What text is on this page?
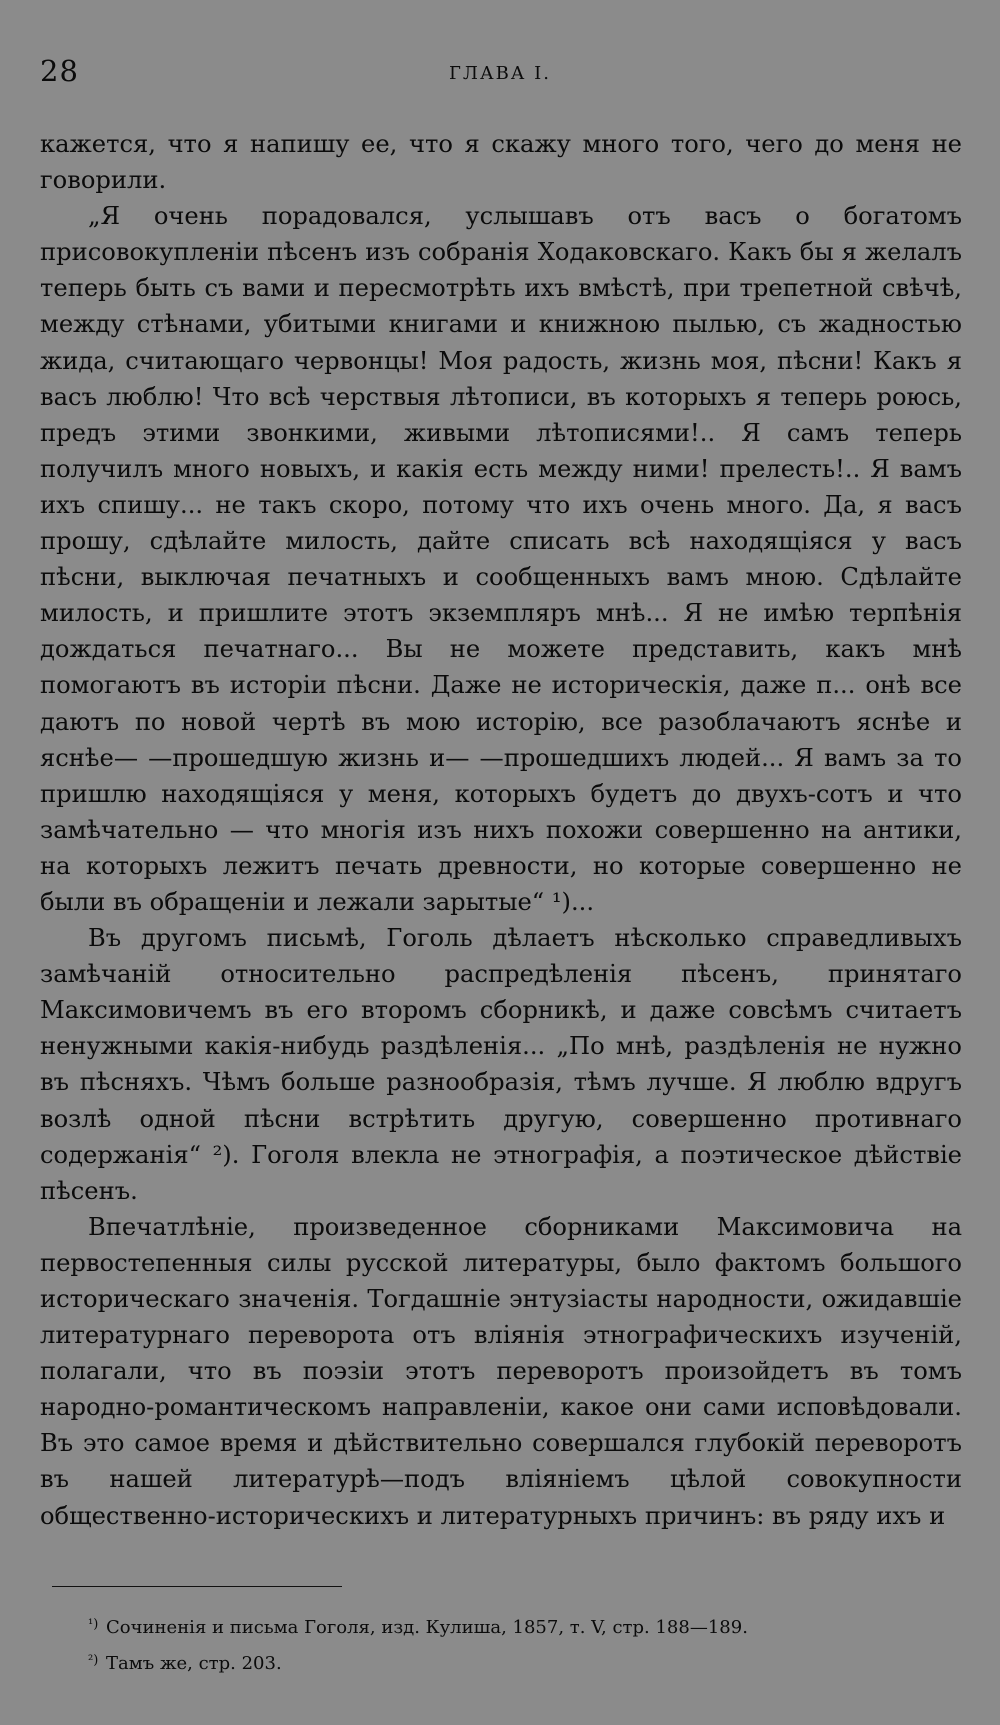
28	ГЛАВА I.

кажется, что я напишу ее, что я скажу много того, чего до меня не говорили.

„Я очень порадовался, услышавъ отъ васъ о богатомъ присовокупленіи пѣсенъ изъ собранія Ходаковскаго. Какъ бы я желалъ теперь быть съ вами и пересмотрѣть ихъ вмѣстѣ, при трепетной свѣчѣ, между стѣнами, убитыми книгами и книжною пылью, съ жадностью жида, считающаго червонцы! Моя радость, жизнь моя, пѣсни! Какъ я васъ люблю! Что всѣ черствыя лѣтописи, въ которыхъ я теперь роюсь, предъ этими звонкими, живыми лѣтописями!.. Я самъ теперь получилъ много новыхъ, и какія есть между ними! прелесть!.. Я вамъ ихъ спишу... не такъ скоро, потому что ихъ очень много. Да, я васъ прошу, сдѣлайте милость, дайте списать всѣ находящіяся у васъ пѣсни, выключая печатныхъ и сообщенныхъ вамъ мною. Сдѣлайте милость, и пришлите этотъ экземпляръ мнѣ... Я не имѣю терпѣнія дождаться печатнаго... Вы не можете представить, какъ мнѣ помогаютъ въ исторіи пѣсни. Даже не историческія, даже п... онѣ все даютъ по новой чертѣ въ мою исторію, все разоблачаютъ яснѣе и яснѣе— —прошедшую жизнь и— —прошедшихъ людей... Я вамъ за то пришлю находящіяся у меня, которыхъ будетъ до двухъ-сотъ и что замѣчательно — что многія изъ нихъ похожи совершенно на антики, на которыхъ лежитъ печать древности, но которые совершенно не были въ обращеніи и лежали зарытые“ ¹)...

Въ другомъ письмѣ, Гоголь дѣлаетъ нѣсколько справедливыхъ замѣчаній относительно распредѣленія пѣсенъ, принятаго Максимовичемъ въ его второмъ сборникѣ, и даже совсѣмъ считаетъ ненужными какія-нибудь раздѣленія... „По мнѣ, раздѣленія не нужно въ пѣсняхъ. Чѣмъ больше разнообразія, тѣмъ лучше. Я люблю вдругъ возлѣ одной пѣсни встрѣтить другую, совершенно противнаго содержанія“ ²). Гоголя влекла не этнографія, а поэтическое дѣйствіе пѣсенъ.

Впечатлѣніе, произведенное сборниками Максимовича на первостепенныя силы русской литературы, было фактомъ большого историческаго значенія. Тогдашніе энтузіасты народности, ожидавшіе литературнаго переворота отъ вліянія этнографическихъ изученій, полагали, что въ поэзіи этотъ переворотъ произойдетъ въ томъ народно-романтическомъ направленіи, какое они сами исповѣдовали. Въ это самое время и дѣйствительно совершался глубокій переворотъ въ нашей литературѣ—подъ вліяніемъ цѣлой совокупности общественно-историческихъ и литературныхъ причинъ: въ ряду ихъ и

$^{^1)}$ Сочиненія и письма Гоголя, изд. Кулиша, 1857, т. V, стр. 188—189.

$^{^2)}$ Тамъ же, стр. 203.
